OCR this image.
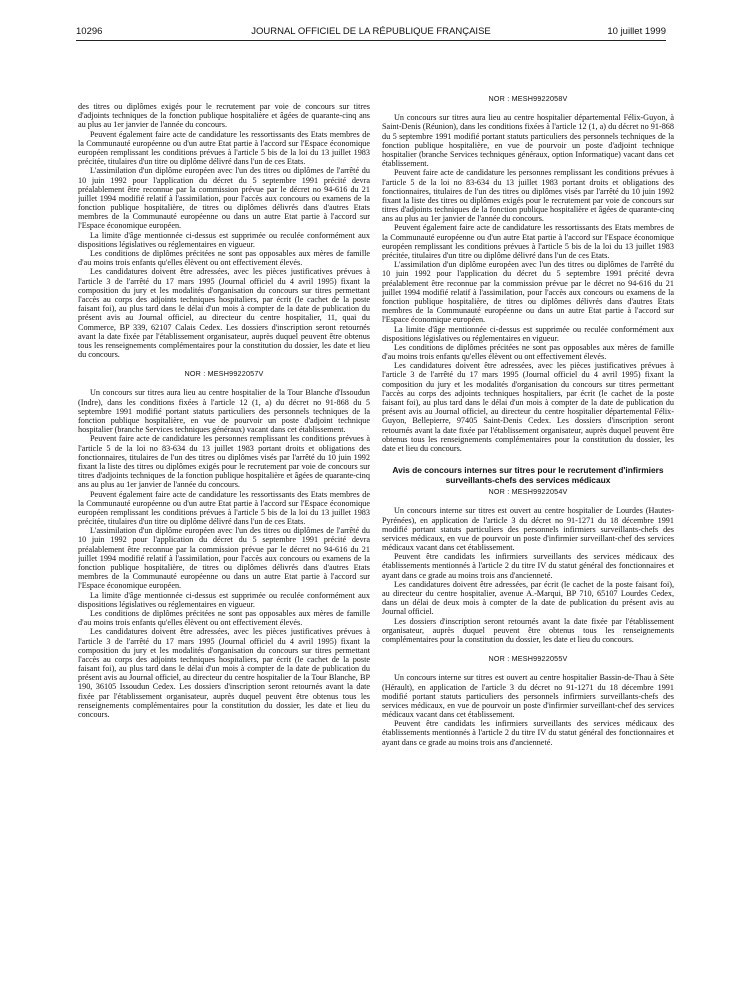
10296	JOURNAL OFFICIEL DE LA RÉPUBLIQUE FRANÇAISE	10 juillet 1999

des titres ou diplômes exigés pour le recrutement par voie de concours sur titres d'adjoints techniques de la fonction publique hospitalière et âgées de quarante-cinq ans au plus au 1er janvier de l'année du concours.

Peuvent également faire acte de candidature les ressortissants des Etats membres de la Communauté européenne ou d'un autre Etat partie à l'accord sur l'Espace économique européen remplissant les conditions prévues à l'article 5 bis de la loi du 13 juillet 1983 précitée, titulaires d'un titre ou diplôme délivré dans l'un de ces Etats.

L'assimilation d'un diplôme européen avec l'un des titres ou diplômes de l'arrêté du 10 juin 1992 pour l'application du décret du 5 septembre 1991 précité devra préalablement être reconnue par la commission prévue par le décret no 94-616 du 21 juillet 1994 modifié relatif à l'assimilation, pour l'accès aux concours ou examens de la fonction publique hospitalière, de titres ou diplômes délivrés dans d'autres Etats membres de la Communauté européenne ou dans un autre Etat partie à l'accord sur l'Espace économique européen.

La limite d'âge mentionnée ci-dessus est supprimée ou reculée conformément aux dispositions législatives ou réglementaires en vigueur.

Les conditions de diplômes précitées ne sont pas opposables aux mères de famille d'au moins trois enfants qu'elles élèvent ou ont effectivement élevés.

Les candidatures doivent être adressées, avec les pièces justificatives prévues à l'article 3 de l'arrêté du 17 mars 1995 (Journal officiel du 4 avril 1995) fixant la composition du jury et les modalités d'organisation du concours sur titres permettant l'accès au corps des adjoints techniques hospitaliers, par écrit (le cachet de la poste faisant foi), au plus tard dans le délai d'un mois à compter de la date de publication du présent avis au Journal officiel, au directeur du centre hospitalier, 11, quai du Commerce, BP 339, 62107 Calais Cedex. Les dossiers d'inscription seront retournés avant la date fixée par l'établissement organisateur, auprès duquel peuvent être obtenus tous les renseignements complémentaires pour la constitution du dossier, les date et lieu du concours.

NOR : MESH9922057V

Un concours sur titres aura lieu au centre hospitalier de la Tour Blanche d'Issoudun (Indre), dans les conditions fixées à l'article 12 (1, a) du décret no 91-868 du 5 septembre 1991 modifié portant statuts particuliers des personnels techniques de la fonction publique hospitalière, en vue de pourvoir un poste d'adjoint technique hospitalier (branche Services techniques généraux) vacant dans cet établissement.

Peuvent faire acte de candidature les personnes remplissant les conditions prévues à l'article 5 de la loi no 83-634 du 13 juillet 1983 portant droits et obligations des fonctionnaires, titulaires de l'un des titres ou diplômes visés par l'arrêté du 10 juin 1992 fixant la liste des titres ou diplômes exigés pour le recrutement par voie de concours sur titres d'adjoints techniques de la fonction publique hospitalière et âgées de quarante-cinq ans au plus au 1er janvier de l'année du concours.

Peuvent également faire acte de candidature les ressortissants des Etats membres de la Communauté européenne ou d'un autre Etat partie à l'accord sur l'Espace économique européen remplissant les conditions prévues à l'article 5 bis de la loi du 13 juillet 1983 précitée, titulaires d'un titre ou diplôme délivré dans l'un de ces Etats.

L'assimilation d'un diplôme européen avec l'un des titres ou diplômes de l'arrêté du 10 juin 1992 pour l'application du décret du 5 septembre 1991 précité devra préalablement être reconnue par la commission prévue par le décret no 94-616 du 21 juillet 1994 modifié relatif à l'assimilation, pour l'accès aux concours ou examens de la fonction publique hospitalière, de titres ou diplômes délivrés dans d'autres Etats membres de la Communauté européenne ou dans un autre Etat partie à l'accord sur l'Espace économique européen.

La limite d'âge mentionnée ci-dessus est supprimée ou reculée conformément aux dispositions législatives ou réglementaires en vigueur.

Les conditions de diplômes précitées ne sont pas opposables aux mères de famille d'au moins trois enfants qu'elles élèvent ou ont effectivement élevés.

Les candidatures doivent être adressées, avec les pièces justificatives prévues à l'article 3 de l'arrêté du 17 mars 1995 (Journal officiel du 4 avril 1995) fixant la composition du jury et les modalités d'organisation du concours sur titres permettant l'accès au corps des adjoints techniques hospitaliers, par écrit (le cachet de la poste faisant foi), au plus tard dans le délai d'un mois à compter de la date de publication du présent avis au Journal officiel, au directeur du centre hospitalier de la Tour Blanche, BP 190, 36105 Issoudun Cedex. Les dossiers d'inscription seront retournés avant la date fixée par l'établissement organisateur, auprès duquel peuvent être obtenus tous les renseignements complémentaires pour la constitution du dossier, les date et lieu du concours.

NOR : MESH9922058V

Un concours sur titres aura lieu au centre hospitalier départemental Félix-Guyon, à Saint-Denis (Réunion), dans les conditions fixées à l'article 12 (1, a) du décret no 91-868 du 5 septembre 1991 modifié portant statuts particuliers des personnels techniques de la fonction publique hospitalière, en vue de pourvoir un poste d'adjoint technique hospitalier (branche Services techniques généraux, option Informatique) vacant dans cet établissement.

Peuvent faire acte de candidature les personnes remplissant les conditions prévues à l'article 5 de la loi no 83-634 du 13 juillet 1983 portant droits et obligations des fonctionnaires, titulaires de l'un des titres ou diplômes visés par l'arrêté du 10 juin 1992 fixant la liste des titres ou diplômes exigés pour le recrutement par voie de concours sur titres d'adjoints techniques de la fonction publique hospitalière et âgées de quarante-cinq ans au plus au 1er janvier de l'année du concours.

Peuvent également faire acte de candidature les ressortissants des Etats membres de la Communauté européenne ou d'un autre Etat partie à l'accord sur l'Espace économique européen remplissant les conditions prévues à l'article 5 bis de la loi du 13 juillet 1983 précitée, titulaires d'un titre ou diplôme délivré dans l'un de ces Etats.

L'assimilation d'un diplôme européen avec l'un des titres ou diplômes de l'arrêté du 10 juin 1992 pour l'application du décret du 5 septembre 1991 précité devra préalablement être reconnue par la commission prévue par le décret no 94-616 du 21 juillet 1994 modifié relatif à l'assimilation, pour l'accès aux concours ou examens de la fonction publique hospitalière, de titres ou diplômes délivrés dans d'autres Etats membres de la Communauté européenne ou dans un autre Etat partie à l'accord sur l'Espace économique européen.

La limite d'âge mentionnée ci-dessus est supprimée ou reculée conformément aux dispositions législatives ou réglementaires en vigueur.

Les conditions de diplômes précitées ne sont pas opposables aux mères de famille d'au moins trois enfants qu'elles élèvent ou ont effectivement élevés.

Les candidatures doivent être adressées, avec les pièces justificatives prévues à l'article 3 de l'arrêté du 17 mars 1995 (Journal officiel du 4 avril 1995) fixant la composition du jury et les modalités d'organisation du concours sur titres permettant l'accès au corps des adjoints techniques hospitaliers, par écrit (le cachet de la poste faisant foi), au plus tard dans le délai d'un mois à compter de la date de publication du présent avis au Journal officiel, au directeur du centre hospitalier départemental Félix-Guyon, Bellepierre, 97405 Saint-Denis Cedex. Les dossiers d'inscription seront retournés avant la date fixée par l'établissement organisateur, auprès duquel peuvent être obtenus tous les renseignements complémentaires pour la constitution du dossier, les date et lieu du concours.

Avis de concours internes sur titres pour le recrutement d'infirmiers surveillants-chefs des services médicaux

NOR : MESH9922054V

Un concours interne sur titres est ouvert au centre hospitalier de Lourdes (Hautes-Pyrénées), en application de l'article 3 du décret no 91-1271 du 18 décembre 1991 modifié portant statuts particuliers des personnels infirmiers surveillants-chefs des services médicaux, en vue de pourvoir un poste d'infirmier surveillant-chef des services médicaux vacant dans cet établissement.

Peuvent être candidats les infirmiers surveillants des services médicaux des établissements mentionnés à l'article 2 du titre IV du statut général des fonctionnaires et ayant dans ce grade au moins trois ans d'ancienneté.

Les candidatures doivent être adressées, par écrit (le cachet de la poste faisant foi), au directeur du centre hospitalier, avenue A.-Marqui, BP 710, 65107 Lourdes Cedex, dans un délai de deux mois à compter de la date de publication du présent avis au Journal officiel.

Les dossiers d'inscription seront retournés avant la date fixée par l'établissement organisateur, auprès duquel peuvent être obtenus tous les renseignements complémentaires pour la constitution du dossier, les date et lieu du concours.

NOR : MESH9922055V

Un concours interne sur titres est ouvert au centre hospitalier Bassin-de-Thau à Sète (Hérault), en application de l'article 3 du décret no 91-1271 du 18 décembre 1991 modifié portant statuts particuliers des personnels infirmiers surveillants-chefs des services médicaux, en vue de pourvoir un poste d'infirmier surveillant-chef des services médicaux vacant dans cet établissement.

Peuvent être candidats les infirmiers surveillants des services médicaux des établissements mentionnés à l'article 2 du titre IV du statut général des fonctionnaires et ayant dans ce grade au moins trois ans d'ancienneté.
